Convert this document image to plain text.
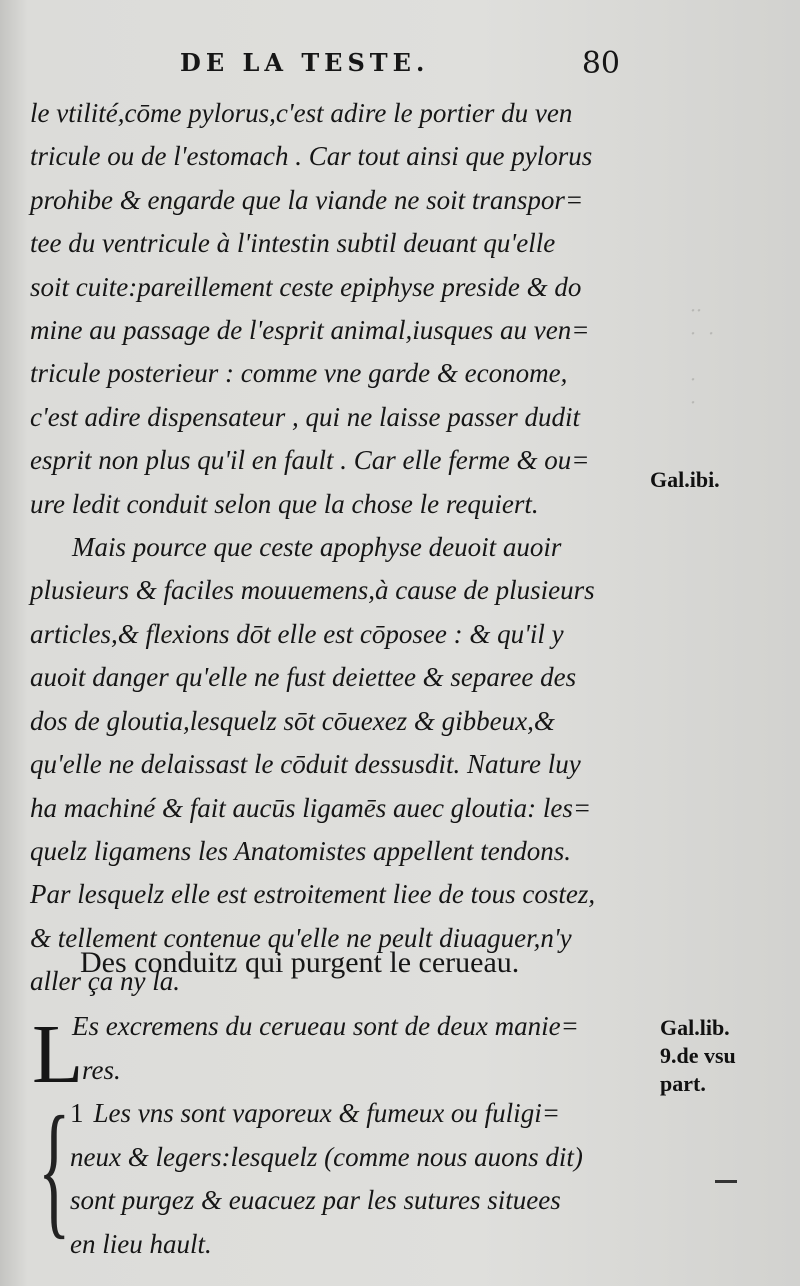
··
·  ·

·
·
DE LA TESTE.	80
le vtilité,cōme pylorus,c'est adire le portier du ven
tricule ou de l'estomach . Car tout ainsi que pylorus
prohibe & engarde que la viande ne soit transpor=
tee du ventricule à l'intestin subtil deuant qu'elle
soit cuite:pareillement ceste epiphyse preside & do
mine au passage de l'esprit animal,iusques au ven=
tricule posterieur : comme vne garde & econome,
c'est adire dispensateur , qui ne laisse passer dudit
esprit non plus qu'il en fault . Car elle ferme & ou=
ure ledit conduit selon que la chose le requiert.
Mais pource que ceste apophyse deuoit auoir
plusieurs & faciles mouuemens,à cause de plusieurs
articles,& flexions dōt elle est cōposee : & qu'il y
auoit danger qu'elle ne fust deiettee & separee des
dos de gloutia,lesquelz sōt cōuexez & gibbeux,&
qu'elle ne delaissast le cōduit dessusdit. Nature luy
ha machiné & fait aucūs ligamēs auec gloutia: les=
quelz ligamens les Anatomistes appellent tendons.
Par lesquelz elle est estroitement liee de tous costez,
& tellement contenue qu'elle ne peult diuaguer,n'y
aller ça ny la.
Des conduitz qui purgent le cerueau.
L
Es excremens du cerueau sont de deux manie=
res.
{ 1 Les vns sont vaporeux & fumeux ou fuligi=
neux & legers:lesquelz (comme nous auons dit)
sont purgez & euacuez par les sutures situees
en lieu hault.
Gal.ibi.
Gal.lib.
9.de vsu
part.
